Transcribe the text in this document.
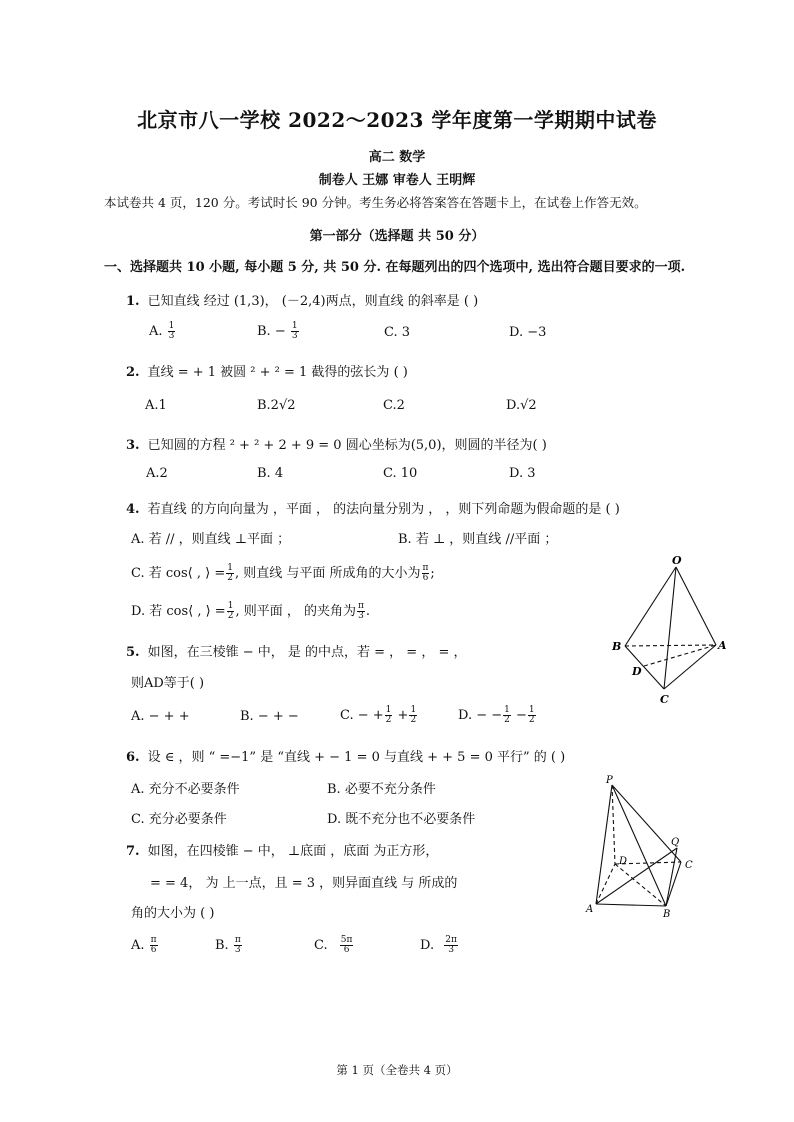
北京市八一学校 2022～2023 学年度第一学期期中试卷
高二 数学
制卷人 王娜 审卷人 王明辉
本试卷共 4 页，120 分。考试时长 90 分钟。考生务必将答案答在答题卡上，在试卷上作答无效。
第一部分（选择题 共 50 分）
一、选择题共 10 小题, 每小题 5 分, 共 50 分. 在每题列出的四个选项中, 选出符合题目要求的一项.
1. 已知直线 经过 (1,3)， (－2,4)两点，则直线 的斜率是 ( )
A. $\frac{1}{3}$	B. − $\frac{1}{3}$	C. 3	D. −3
2. 直线 = + 1 被圆 ² + ² = 1 截得的弦长为 ( )
A.1	B.2√2	C.2	D.√2
3. 已知圆的方程 ² + ² + 2 + 9 = 0 圆心坐标为(5,0)，则圆的半径为( )
A.2	B. 4	C. 10	D. 3
4. 若直线 的方向向量为 ，平面 ， 的法向量分别为 ， ，则下列命题为假命题的是 ( )
A. 若 // ，则直线 ⊥平面 ；	B. 若 ⊥ ，则直线 //平面 ；
C. 若 cos⟨ , ⟩ = $\frac{1}{2}$ , 则直线 与平面 所成角的大小为 $\frac{\pi}{6}$ ;
D. 若 cos⟨ , ⟩ = $\frac{1}{2}$ , 则平面 ， 的夹角为 $\frac{\pi}{3}$ .
O
B	A
D
C
5. 如图，在三棱锥 − 中， 是 的中点，若 = ， = ， = ，
则AD等于( )
A. − + +	B. − + −	C. − + $\frac{1}{2} + \frac{1}{2}$	D. − − $\frac{1}{2} - \frac{1}{2}$
6. 设 ∈ ，则 “ =−1” 是 “直线 + − 1 = 0 与直线 + + 5 = 0 平行” 的 ( )
A. 充分不必要条件	B. 必要不充分条件
C. 充分必要条件	D. 既不充分也不必要条件
P
Q
D	C
A	B
7. 如图，在四棱锥 − 中， ⊥底面 ，底面 为正方形，
= = 4， 为 上一点，且 = 3 ，则异面直线 与 所成的
角的大小为 ( )
A. $\frac{\pi}{6}$	B. $\frac{\pi}{3}$	C. $\frac{5\pi}{6}$	D. $\frac{2\pi}{3}$
第 1 页（全卷共 4 页）
